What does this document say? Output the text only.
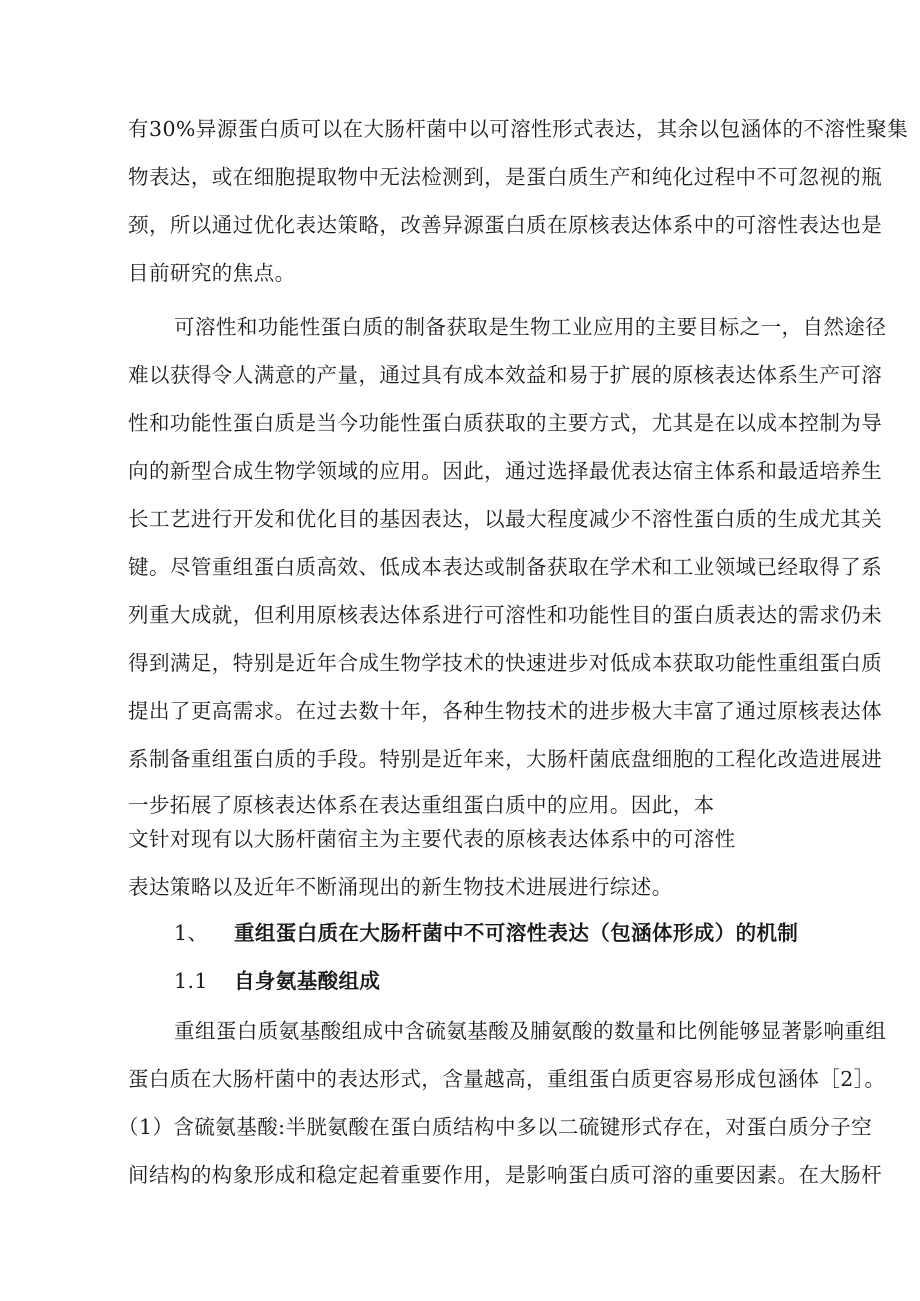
有30%异源蛋白质可以在大肠杆菌中以可溶性形式表达，其余以包涵体的不溶性聚集
物表达，或在细胞提取物中无法检测到，是蛋白质生产和纯化过程中不可忽视的瓶
颈，所以通过优化表达策略，改善异源蛋白质在原核表达体系中的可溶性表达也是
目前研究的焦点。
可溶性和功能性蛋白质的制备获取是生物工业应用的主要目标之一，自然途径
难以获得令人满意的产量，通过具有成本效益和易于扩展的原核表达体系生产可溶
性和功能性蛋白质是当今功能性蛋白质获取的主要方式，尤其是在以成本控制为导
向的新型合成生物学领域的应用。因此，通过选择最优表达宿主体系和最适培养生
长工艺进行开发和优化目的基因表达，以最大程度减少不溶性蛋白质的生成尤其关
键。尽管重组蛋白质高效、低成本表达或制备获取在学术和工业领域已经取得了系
列重大成就，但利用原核表达体系进行可溶性和功能性目的蛋白质表达的需求仍未
得到满足，特别是近年合成生物学技术的快速进步对低成本获取功能性重组蛋白质
提出了更高需求。在过去数十年，各种生物技术的进步极大丰富了通过原核表达体
系制备重组蛋白质的手段。特别是近年来，大肠杆菌底盘细胞的工程化改造进展进
一步拓展了原核表达体系在表达重组蛋白质中的应用。因此，本
文针对现有以大肠杆菌宿主为主要代表的原核表达体系中的可溶性
表达策略以及近年不断涌现出的新生物技术进展进行综述。
1、 重组蛋白质在大肠杆菌中不可溶性表达（包涵体形成）的机制
1.1 自身氨基酸组成
重组蛋白质氨基酸组成中含硫氨基酸及脯氨酸的数量和比例能够显著影响重组
蛋白质在大肠杆菌中的表达形式，含量越高，重组蛋白质更容易形成包涵体［2］。
（1）含硫氨基酸:半胱氨酸在蛋白质结构中多以二硫键形式存在，对蛋白质分子空
间结构的构象形成和稳定起着重要作用，是影响蛋白质可溶的重要因素。在大肠杆
